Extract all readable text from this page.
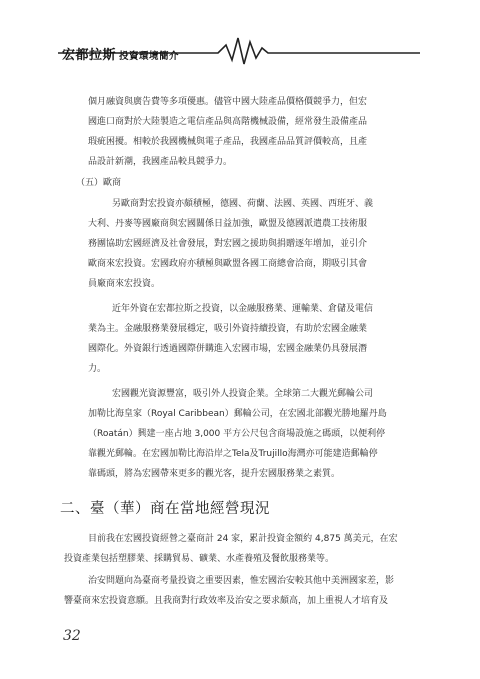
宏都拉斯 投資環境簡介
個月融資與廣告費等多項優惠。儘管中國大陸產品價格價競爭力，但宏
國進口商對於大陸製造之電信產品與高階機械設備，經常發生設備產品
瑕疵困擾。相較於我國機械與電子產品，我國產品品質評價較高，且產
品設計新潮，我國產品較具競爭力。
（五）歐商
另歐商對宏投資亦頗積極，德國、荷蘭、法國、英國、西班牙、義
大利、丹麥等國廠商與宏國關係日益加強，歐盟及德國派遣農工技術服
務團協助宏國經濟及社會發展，對宏國之援助與捐贈逐年增加，並引介
歐商來宏投資。宏國政府亦積極與歐盟各國工商總會洽商，期吸引其會
員廠商來宏投資。
近年外資在宏都拉斯之投資，以金融服務業、運輸業、倉儲及電信
業為主。金融服務業發展穩定，吸引外資持續投資，有助於宏國金融業
國際化。外資銀行透過國際併購進入宏國市場，宏國金融業仍具發展潛
力。
宏國觀光資源豐富，吸引外人投資企業。全球第二大觀光郵輪公司
加勒比海皇家（Royal Caribbean）郵輪公司，在宏國北部觀光勝地羅丹島
（Roatán）興建一座占地 3,000 平方公尺包含商場設施之碼頭，以便利停
靠觀光郵輪。在宏國加勒比海沿岸之Tela及Trujillo海灣亦可能建造郵輪停
靠碼頭，將為宏國帶來更多的觀光客，提升宏國服務業之素質。
二、臺（華）商在當地經營現況
目前我在宏國投資經營之臺商計 24 家，累計投資金額約 4,875 萬美元，在宏
投資產業包括塑膠業、採購貿易、礦業、水產養殖及餐飲服務業等。
治安問題向為臺商考量投資之重要因素，惟宏國治安較其他中美洲國家差，影
響臺商來宏投資意願。且我商對行政效率及治安之要求頗高，加上重視人才培育及
32
